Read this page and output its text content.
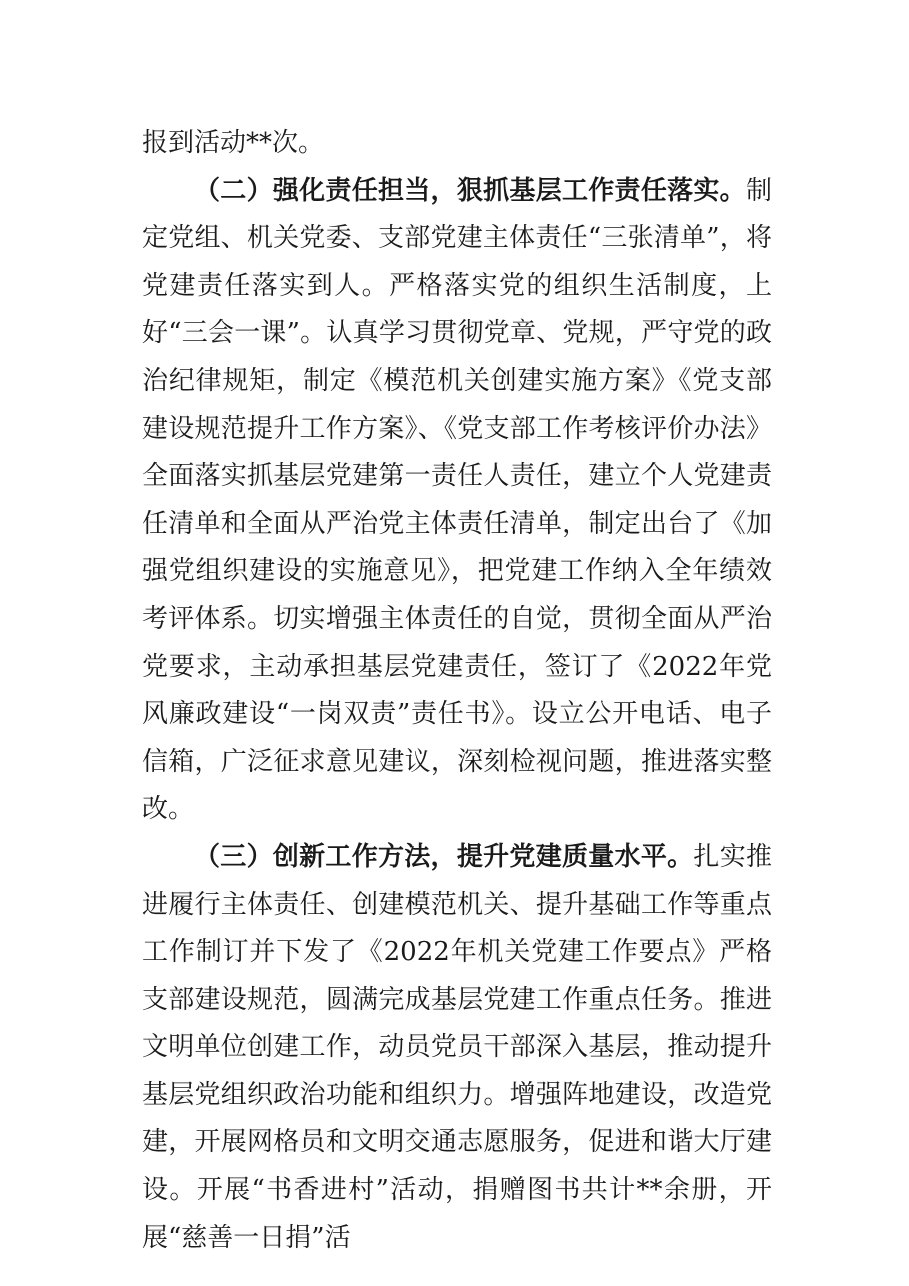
报到活动**次。

（二）强化责任担当，狠抓基层工作责任落实。制定党组、机关党委、支部党建主体责任“三张清单”，将党建责任落实到人。严格落实党的组织生活制度，上好“三会一课”。认真学习贯彻党章、党规，严守党的政治纪律规矩，制定《模范机关创建实施方案》《党支部建设规范提升工作方案》、《党支部工作考核评价办法》全面落实抓基层党建第一责任人责任，建立个人党建责任清单和全面从严治党主体责任清单，制定出台了《加强党组织建设的实施意见》，把党建工作纳入全年绩效考评体系。切实增强主体责任的自觉，贯彻全面从严治党要求，主动承担基层党建责任，签订了《2022年党风廉政建设“一岗双责”责任书》。设立公开电话、电子信箱，广泛征求意见建议，深刻检视问题，推进落实整改。

（三）创新工作方法，提升党建质量水平。扎实推进履行主体责任、创建模范机关、提升基础工作等重点工作制订并下发了《2022年机关党建工作要点》严格支部建设规范，圆满完成基层党建工作重点任务。推进文明单位创建工作，动员党员干部深入基层，推动提升基层党组织政治功能和组织力。增强阵地建设，改造党建，开展网格员和文明交通志愿服务，促进和谐大厅建设。开展“书香进村”活动，捐赠图书共计**余册，开展“慈善一日捐”活
